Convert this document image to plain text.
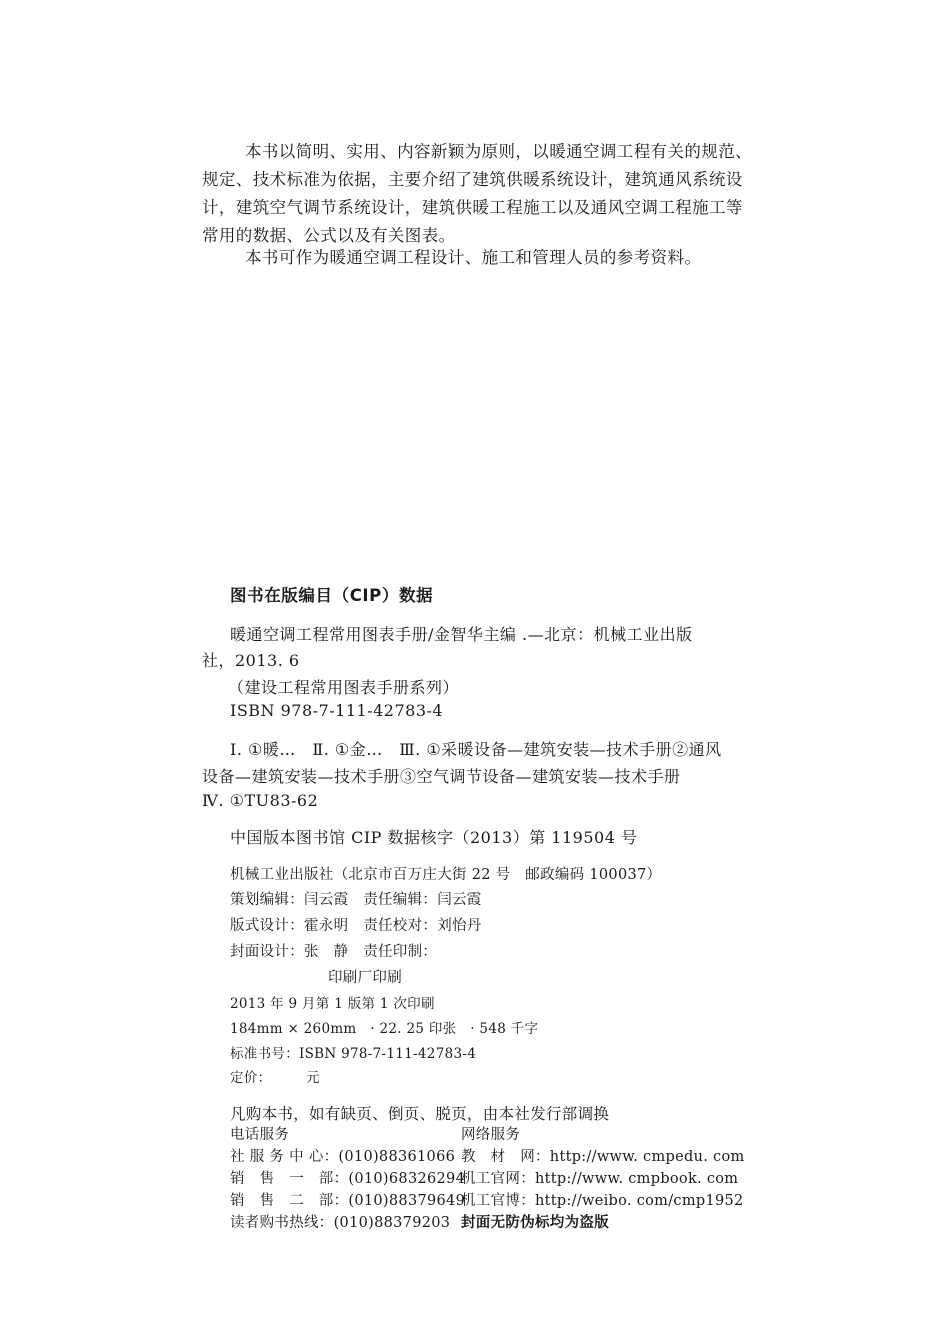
本书以简明、实用、内容新颖为原则，以暖通空调工程有关的规范、
规定、技术标准为依据，主要介绍了建筑供暖系统设计，建筑通风系统设
计，建筑空气调节系统设计，建筑供暖工程施工以及通风空调工程施工等
常用的数据、公式以及有关图表。
本书可作为暖通空调工程设计、施工和管理人员的参考资料。
图书在版编目（CIP）数据
暖通空调工程常用图表手册/金智华主编 .—北京：机械工业出版
社，2013. 6
（建设工程常用图表手册系列）
ISBN 978-7-111-42783-4
Ⅰ. ①暖…　Ⅱ. ①金…　Ⅲ. ①采暖设备—建筑安装—技术手册②通风
设备—建筑安装—技术手册③空气调节设备—建筑安装—技术手册
Ⅳ. ①TU83-62
中国版本图书馆 CIP 数据核字（2013）第 119504 号
机械工业出版社（北京市百万庄大街 22 号　邮政编码 100037）
策划编辑：闫云霞　责任编辑：闫云霞
版式设计：霍永明　责任校对：刘怡丹
封面设计：张　静　责任印制：
印刷厂印刷
2013 年 9 月第 1 版第 1 次印刷
184mm × 260mm　· 22. 25 印张　· 548 千字
标准书号：ISBN 978-7-111-42783-4
定价：　　　元
凡购本书，如有缺页、倒页、脱页，由本社发行部调换
电话服务	网络服务
社 服 务 中 心：(010)88361066 教　材　网：http://www. cmpedu. com
销　售　一　部：(010)68326294
机工官网：http://www. cmpbook. com
销　售　二　部：(010)88379649
机工官博：http://weibo. com/cmp1952
读者购书热线：(010)88379203 封面无防伪标均为盗版
